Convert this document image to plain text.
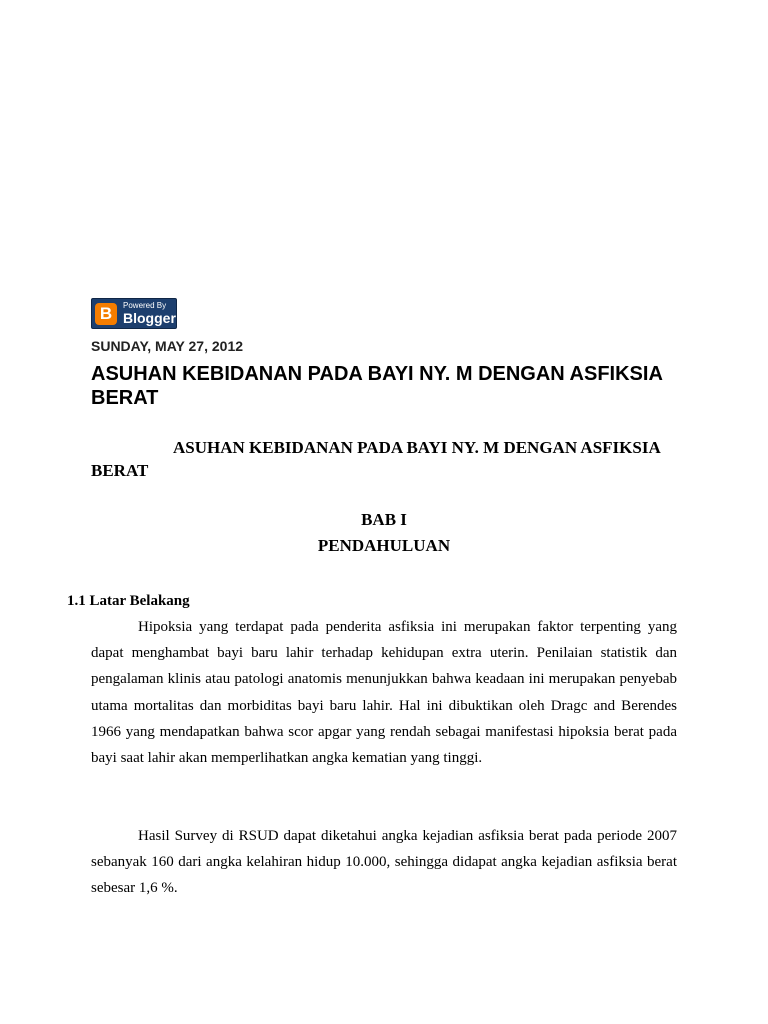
B	Powered By
Blogger
SUNDAY, MAY 27, 2012
ASUHAN KEBIDANAN PADA BAYI NY. M DENGAN ASFIKSIA BERAT
ASUHAN KEBIDANAN PADA BAYI NY. M DENGAN ASFIKSIA BERAT
BAB I
PENDAHULUAN
1.1 Latar Belakang

Hipoksia yang terdapat pada penderita asfiksia ini merupakan faktor terpenting yang dapat menghambat bayi baru lahir terhadap kehidupan extra uterin. Penilaian statistik dan pengalaman klinis atau patologi anatomis menunjukkan bahwa keadaan ini merupakan penyebab utama mortalitas dan morbiditas bayi baru lahir. Hal ini dibuktikan oleh Dragc and Berendes 1966 yang mendapatkan bahwa scor apgar yang rendah sebagai manifestasi hipoksia berat pada bayi saat lahir akan memperlihatkan angka kematian yang tinggi.

Hasil Survey di RSUD dapat diketahui angka kejadian asfiksia berat pada periode 2007 sebanyak 160 dari angka kelahiran hidup 10.000, sehingga didapat angka kejadian asfiksia berat sebesar 1,6 %.
